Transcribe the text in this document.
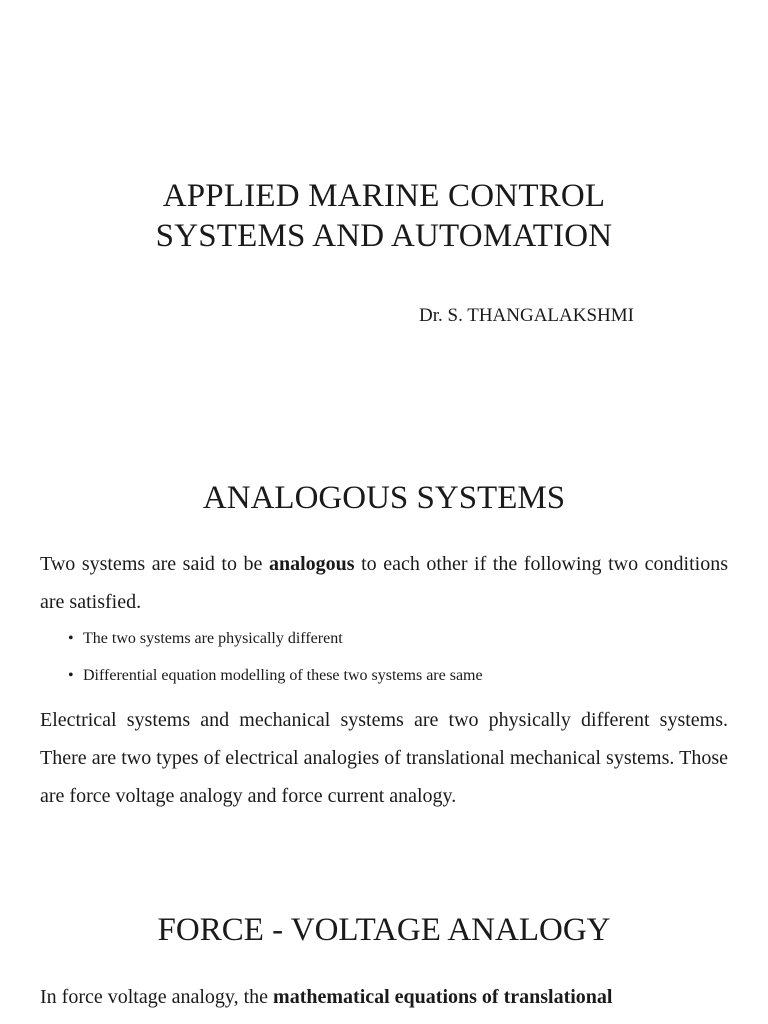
APPLIED MARINE CONTROL
SYSTEMS AND AUTOMATION

Dr. S. THANGALAKSHMI

ANALOGOUS SYSTEMS

Two systems are said to be analogous to each other if the following two conditions are satisfied.

• The two systems are physically different
• Differential equation modelling of these two systems are same

Electrical systems and mechanical systems are two physically different systems. There are two types of electrical analogies of translational mechanical systems. Those are force voltage analogy and force current analogy.

FORCE - VOLTAGE ANALOGY

In force voltage analogy, the mathematical equations of translational
